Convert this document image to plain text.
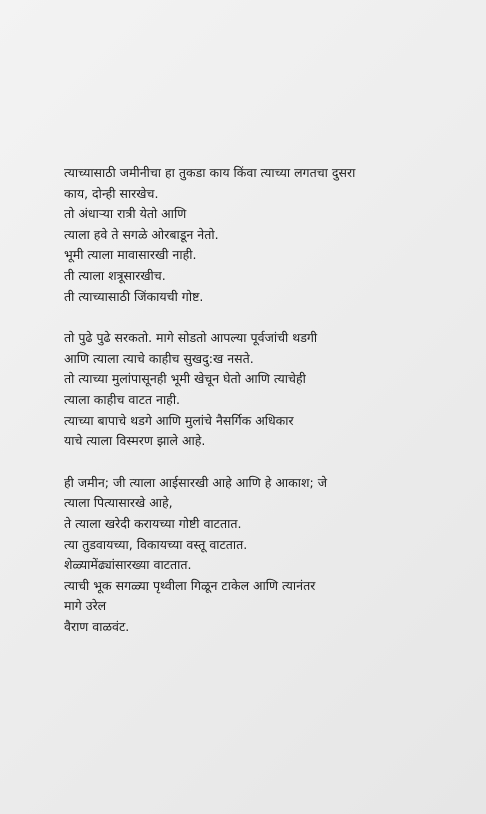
त्याच्यासाठी जमीनीचा हा तुकडा काय किंवा त्याच्या लगतचा दुसरा
काय, दोन्ही सारखेच.
तो अंधाऱ्या रात्री येतो आणि
त्याला हवे ते सगळे ओरबाडून नेतो.
भूमी त्याला मावासारखी नाही.
ती त्याला शत्रूसारखीच.
ती त्याच्यासाठी जिंकायची गोष्ट.
तो पुढे पुढे सरकतो. मागे सोडतो आपल्या पूर्वजांची थडगी
आणि त्याला त्याचे काहीच सुखदु:ख नसते.
तो त्याच्या मुलांपासूनही भूमी खेचून घेतो आणि त्याचेही
त्याला काहीच वाटत नाही.
त्याच्या बापाचे थडगे आणि मुलांचे नैसर्गिक अधिकार
याचे त्याला विस्मरण झाले आहे.
ही जमीन; जी त्याला आईसारखी आहे आणि हे आकाश; जे
त्याला पित्यासारखे आहे,
ते त्याला खरेदी करायच्या गोष्टी वाटतात.
त्या तुडवायच्या, विकायच्या वस्तू वाटतात.
शेळ्यामेंढ्यांसारख्या वाटतात.
त्याची भूक सगळ्या पृथ्वीला गिळून टाकेल आणि त्यानंतर
मागे उरेल
वैराण वाळवंट.
